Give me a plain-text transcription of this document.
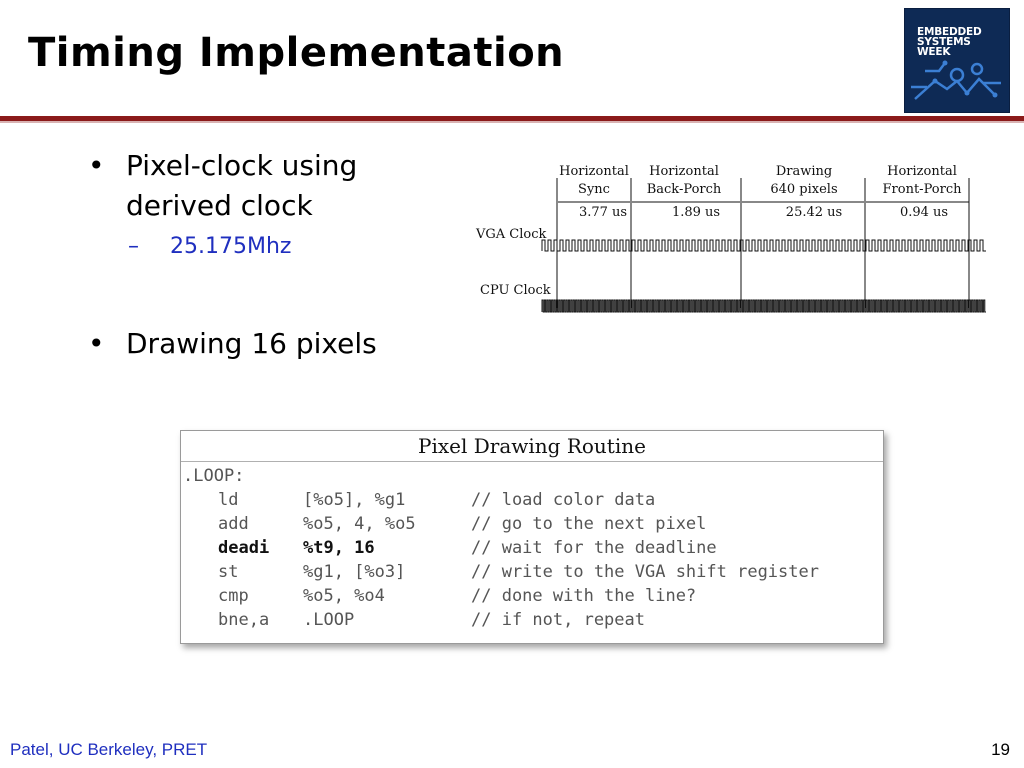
Timing Implementation	EMBEDDED
SYSTEMS
WEEK
• Pixel-clock using
derived clock
– 25.175Mhz
• Drawing 16 pixels
Horizontal
Sync
Horizontal
Back-Porch
Drawing
640 pixels
Horizontal
Front-Porch
3.77 us	1.89 us	25.42 us	0.94 us
VGA Clock
CPU Clock
Pixel Drawing Routine
.LOOP:
ld	[%o5], %g1	// load color data
add	%o5, 4, %o5	// go to the next pixel
deadi %t9, 16	// wait for the deadline
st	%g1, [%o3]	// write to the VGA shift register
cmp	%o5, %o4	// done with the line?
bne,a .LOOP	// if not, repeat
Patel, UC Berkeley, PRET	19
